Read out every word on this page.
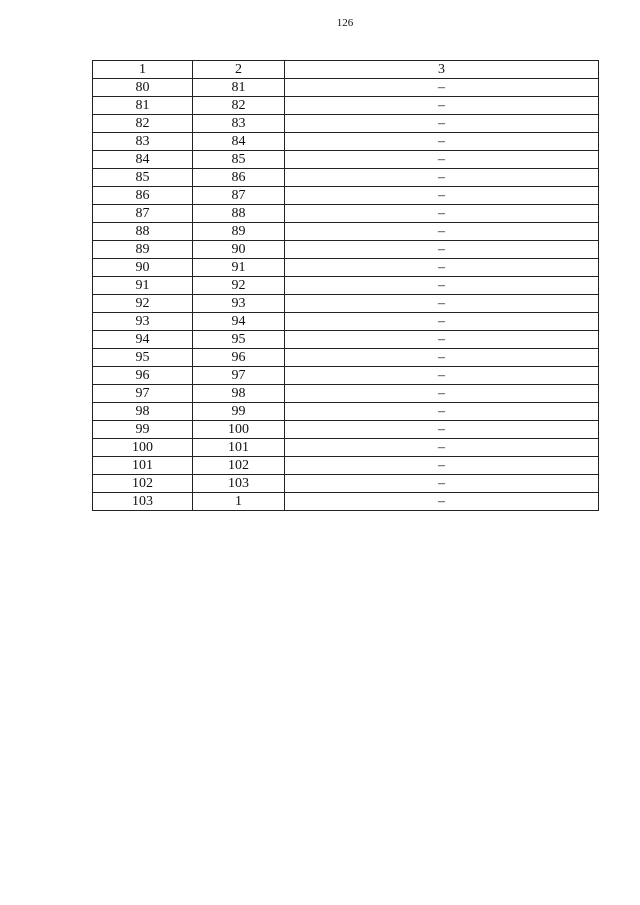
126
1	2	3
80	81	–
81	82	–
82	83	–
83	84	–
84	85	–
85	86	–
86	87	–
87	88	–
88	89	–
89	90	–
90	91	–
91	92	–
92	93	–
93	94	–
94	95	–
95	96	–
96	97	–
97	98	–
98	99	–
99	100	–
100	101	–
101	102	–
102	103	–
103	1	–
